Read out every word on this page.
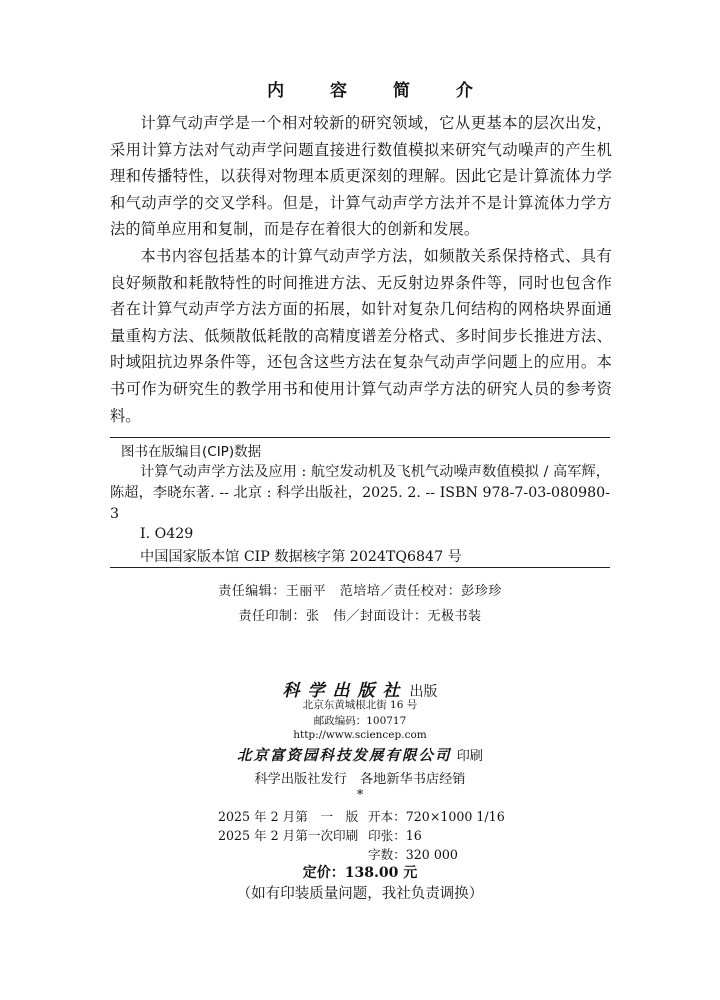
内 容 简 介
计算气动声学是一个相对较新的研究领域，它从更基本的层次出发，采用计算方法对气动声学问题直接进行数值模拟来研究气动噪声的产生机理和传播特性，以获得对物理本质更深刻的理解。因此它是计算流体力学和气动声学的交叉学科。但是，计算气动声学方法并不是计算流体力学方法的简单应用和复制，而是存在着很大的创新和发展。
本书内容包括基本的计算气动声学方法，如频散关系保持格式、具有良好频散和耗散特性的时间推进方法、无反射边界条件等，同时也包含作者在计算气动声学方法方面的拓展，如针对复杂几何结构的网格块界面通量重构方法、低频散低耗散的高精度谱差分格式、多时间步长推进方法、时域阻抗边界条件等，还包含这些方法在复杂气动声学问题上的应用。本书可作为研究生的教学用书和使用计算气动声学方法的研究人员的参考资料。
图书在版编目(CIP)数据
计算气动声学方法及应用 : 航空发动机及飞机气动噪声数值模拟 / 高军辉，陈超，李晓东著. -- 北京 : 科学出版社，2025. 2. -- ISBN 978-7-03-080980-3
Ⅰ. O429
中国国家版本馆 CIP 数据核字第 2024TQ6847 号
责任编辑：王丽平　范培培／责任校对：彭珍珍
责任印制：张　伟／封面设计：无极书装
科学出版社 出版
北京东黄城根北街 16 号
邮政编码：100717
http://www.sciencep.com
北京富资园科技发展有限公司 印刷
科学出版社发行　各地新华书店经销
*
2025 年 2 月第　一　版 开本：720×1000 1/16
2025 年 2 月第一次印刷 印张：16
字数：320 000
定价：138.00 元
（如有印装质量问题，我社负责调换）
